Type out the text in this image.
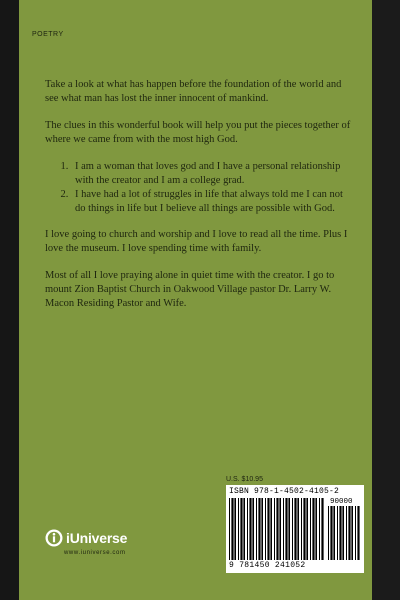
POETRY

Take a look at what has happen before the foundation of the world and see what man has lost the inner innocent of mankind.

The clues in this wonderful book will help you put the pieces together of where we came from with the most high God.

1. I am a woman that loves god and I have a personal relationship with the creator and I am a college grad.
2. I have had a lot of struggles in life that always told me I can not do things in life but I believe all things are possible with God.

I love going to church and worship and I love to read all the time. Plus I love the museum. I love spending time with family.

Most of all I love praying alone in quiet time with the creator. I go to mount Zion Baptist Church in Oakwood Village pastor Dr. Larry W. Macon Residing Pastor and Wife.

U.S. $10.95
ISBN 978-1-4502-4105-2
90000
9 781450 241052
iUniverse
www.iuniverse.com
